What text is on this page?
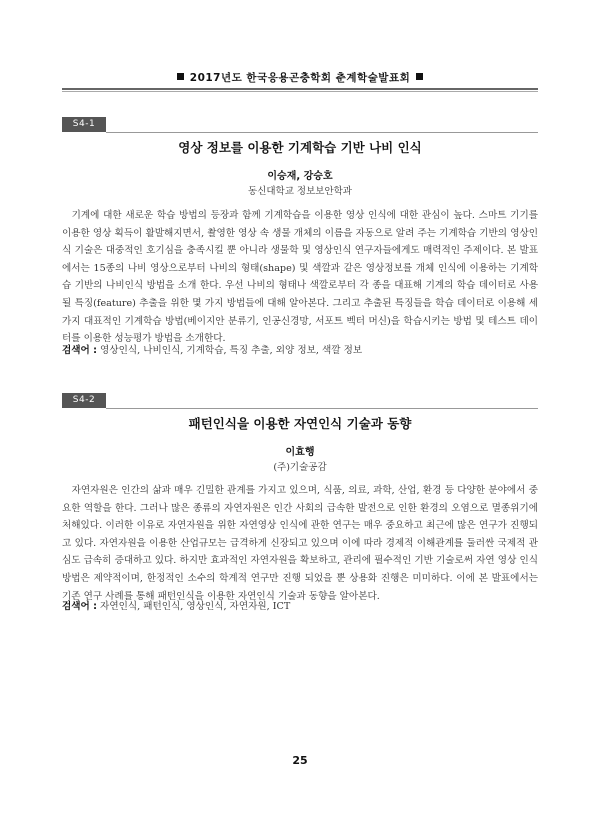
2017년도 한국응용곤충학회 춘계학술발표회
S4-1
영상 정보를 이용한 기계학습 기반 나비 인식
이승재, 강승호
동신대학교 정보보안학과

기계에 대한 새로운 학습 방법의 등장과 함께 기계학습을 이용한 영상 인식에 대한 관심이 높다. 스마트 기기를 이용한 영상 획득이 활발해지면서, 촬영한 영상 속 생물 개체의 이름을 자동으로 알려 주는 기계학습 기반의 영상인식 기술은 대중적인 호기심을 충족시킬 뿐 아니라 생물학 및 영상인식 연구자들에게도 매력적인 주제이다. 본 발표에서는 15종의 나비 영상으로부터 나비의 형태(shape) 및 색깔과 같은 영상정보를 개체 인식에 이용하는 기계학습 기반의 나비인식 방법을 소개 한다. 우선 나비의 형태나 색깔로부터 각 종을 대표해 기계의 학습 데이터로 사용될 특징(feature) 추출을 위한 몇 가지 방법들에 대해 알아본다. 그리고 추출된 특징들을 학습 데이터로 이용해 세 가지 대표적인 기계학습 방법(베이지안 분류기, 인공신경망, 서포트 벡터 머신)을 학습시키는 방법 및 테스트 데이터를 이용한 성능평가 방법을 소개한다.

검색어 : 영상인식, 나비인식, 기계학습, 특징 추출, 외양 정보, 색깔 정보
S4-2
패턴인식을 이용한 자연인식 기술과 동향
이효행
(주)기술공감

자연자원은 인간의 삶과 매우 긴밀한 관계를 가지고 있으며, 식품, 의료, 과학, 산업, 환경 등 다양한 분야에서 중요한 역할을 한다. 그러나 많은 종류의 자연자원은 인간 사회의 급속한 발전으로 인한 환경의 오염으로 멸종위기에 처해있다. 이러한 이유로 자연자원을 위한 자연영상 인식에 관한 연구는 매우 중요하고 최근에 많은 연구가 진행되고 있다. 자연자원을 이용한 산업규모는 급격하게 신장되고 있으며 이에 따라 경제적 이해관계를 둘러싼 국제적 관심도 급속히 증대하고 있다. 하지만 효과적인 자연자원을 확보하고, 관리에 필수적인 기반 기술로써 자연 영상 인식 방법은 제약적이며, 한정적인 소수의 학계적 연구만 진행 되었을 뿐 상용화 진행은 미미하다. 이에 본 발표에서는 기존 연구 사례를 통해 패턴인식을 이용한 자연인식 기술과 동향을 알아본다.

검색어 : 자연인식, 패턴인식, 영상인식, 자연자원, ICT
25
